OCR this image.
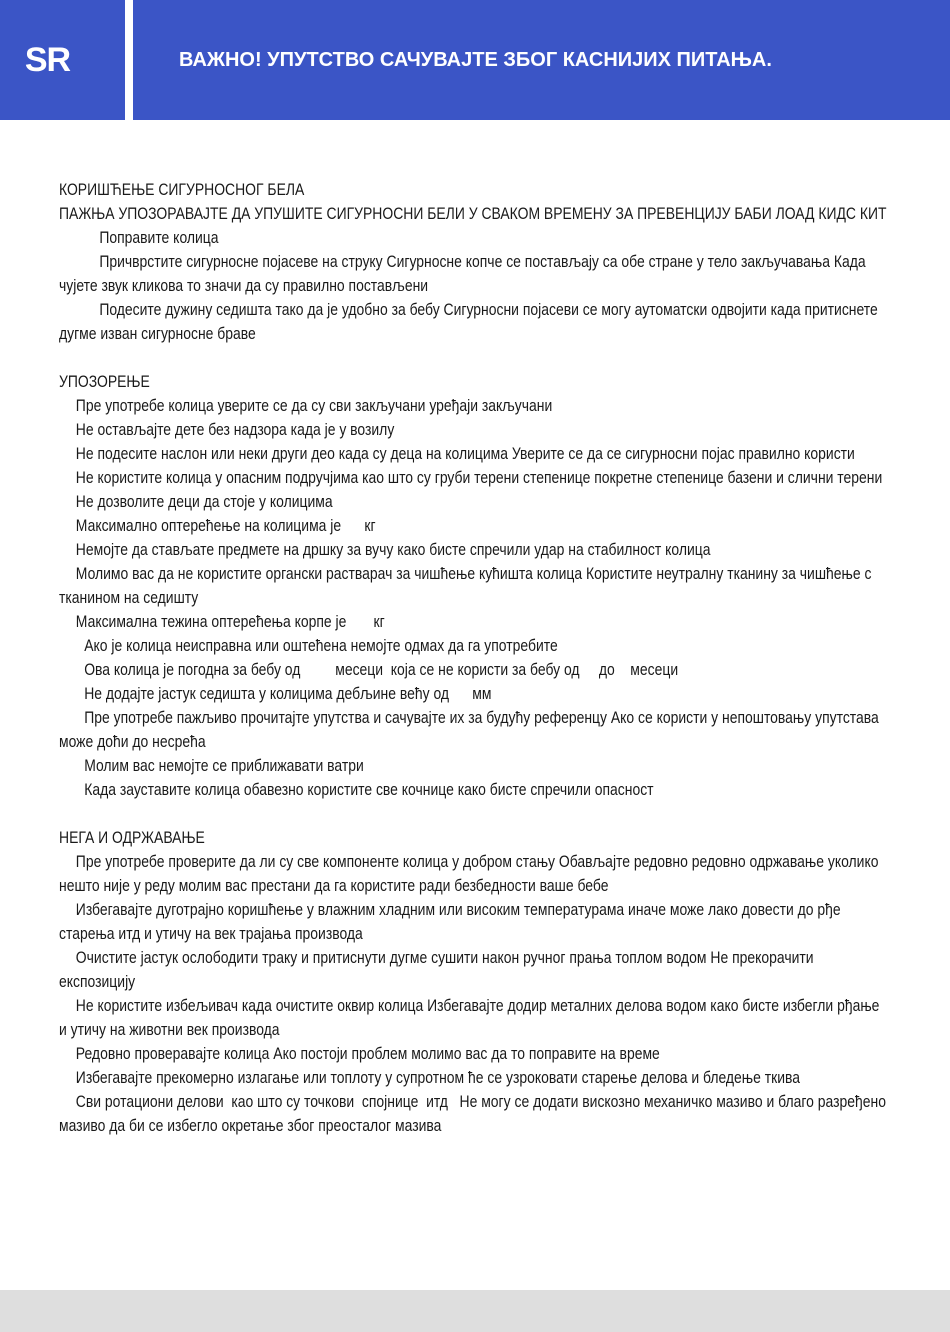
SR	ВАЖНО! УПУТСТВО САЧУВАЈТЕ ЗБОГ КАСНИЈИХ ПИТАЊА.

КОРИШЋЕЊЕ СИГУРНОСНОГ БЕЛА

ПАЖЊА УПОЗОРАВАЈТЕ ДА УПУШИТЕ СИГУРНОСНИ БЕЛИ У СВАКОМ ВРЕМЕНУ ЗА ПРЕВЕНЦИЈУ БАБИ ЛОАД КИДС КИТ

Поправите колица

Причврстите сигурносне појасеве на струку Сигурносне копче се постављају са обе стране у тело закључавања Када чујете звук кликова то значи да су правилно постављени

Подесите дужину седишта тако да је удобно за бебу Сигурносни појасеви се могу аутоматски одвојити када притиснете дугме изван сигурносне браве

УПОЗОРЕЊЕ

Пре употребе колица уверите се да су сви закључани уређаји закључани

Не остављајте дете без надзора када је у возилу

Не подесите наслон или неки други део када су деца на колицима Уверите се да се сигурносни појас правилно користи

Не користите колица у опасним подручјима као што су груби терени степенице покретне степенице базени и слични терени

Не дозволите деци да стоје у колицима

Максимално оптерећење на колицима је      кг

Немојте да стављате предмете на дршку за вучу како бисте спречили удар на стабилност колица

Молимо вас да не користите органски растварач за чишћење кућишта колица Користите неутралну тканину за чишћење с тканином на седишту

Максимална тежина оптерећења корпе је       кг

Ако је колица неисправна или оштећена немојте одмах да га употребите

Ова колица је погодна за бебу од         месеци  која се не користи за бебу од     до    месеци

Не додајте јастук седишта у колицима дебљине већу од      мм

Пре употребе пажљиво прочитајте упутства и сачувајте их за будућу референцу Ако се користи у непоштовању упутстава може доћи до несрећа

Молим вас немојте се приближавати ватри

Када зауставите колица обавезно користите све кочнице како бисте спречили опасност

НЕГА И ОДРЖАВАЊЕ

Пре употребе проверите да ли су све компоненте колица у добром стању Обављајте редовно редовно одржавање уколико нешто није у реду молим вас престани да га користите ради безбедности ваше бебе

Избегавајте дуготрајно коришћење у влажним хладним или високим температурама иначе може лако довести до рђе старења итд и утичу на век трајања производа

Очистите јастук ослободити траку и притиснути дугме сушити након ручног прања топлом водом Не прекорачити експозицију

Не користите избељивач када очистите оквир колица Избегавајте додир металних делова водом како бисте избегли рђање и утичу на животни век производа

Редовно проверавајте колица Ако постоји проблем молимо вас да то поправите на време

Избегавајте прекомерно излагање или топлоту у супротном ће се узроковати старење делова и бледење ткива

Сви ротациони делови  као што су точкови  спојнице  итд   Не могу се додати вискозно механичко мазиво и благо разређено мазиво да би се избегло окретање због преосталог мазива
